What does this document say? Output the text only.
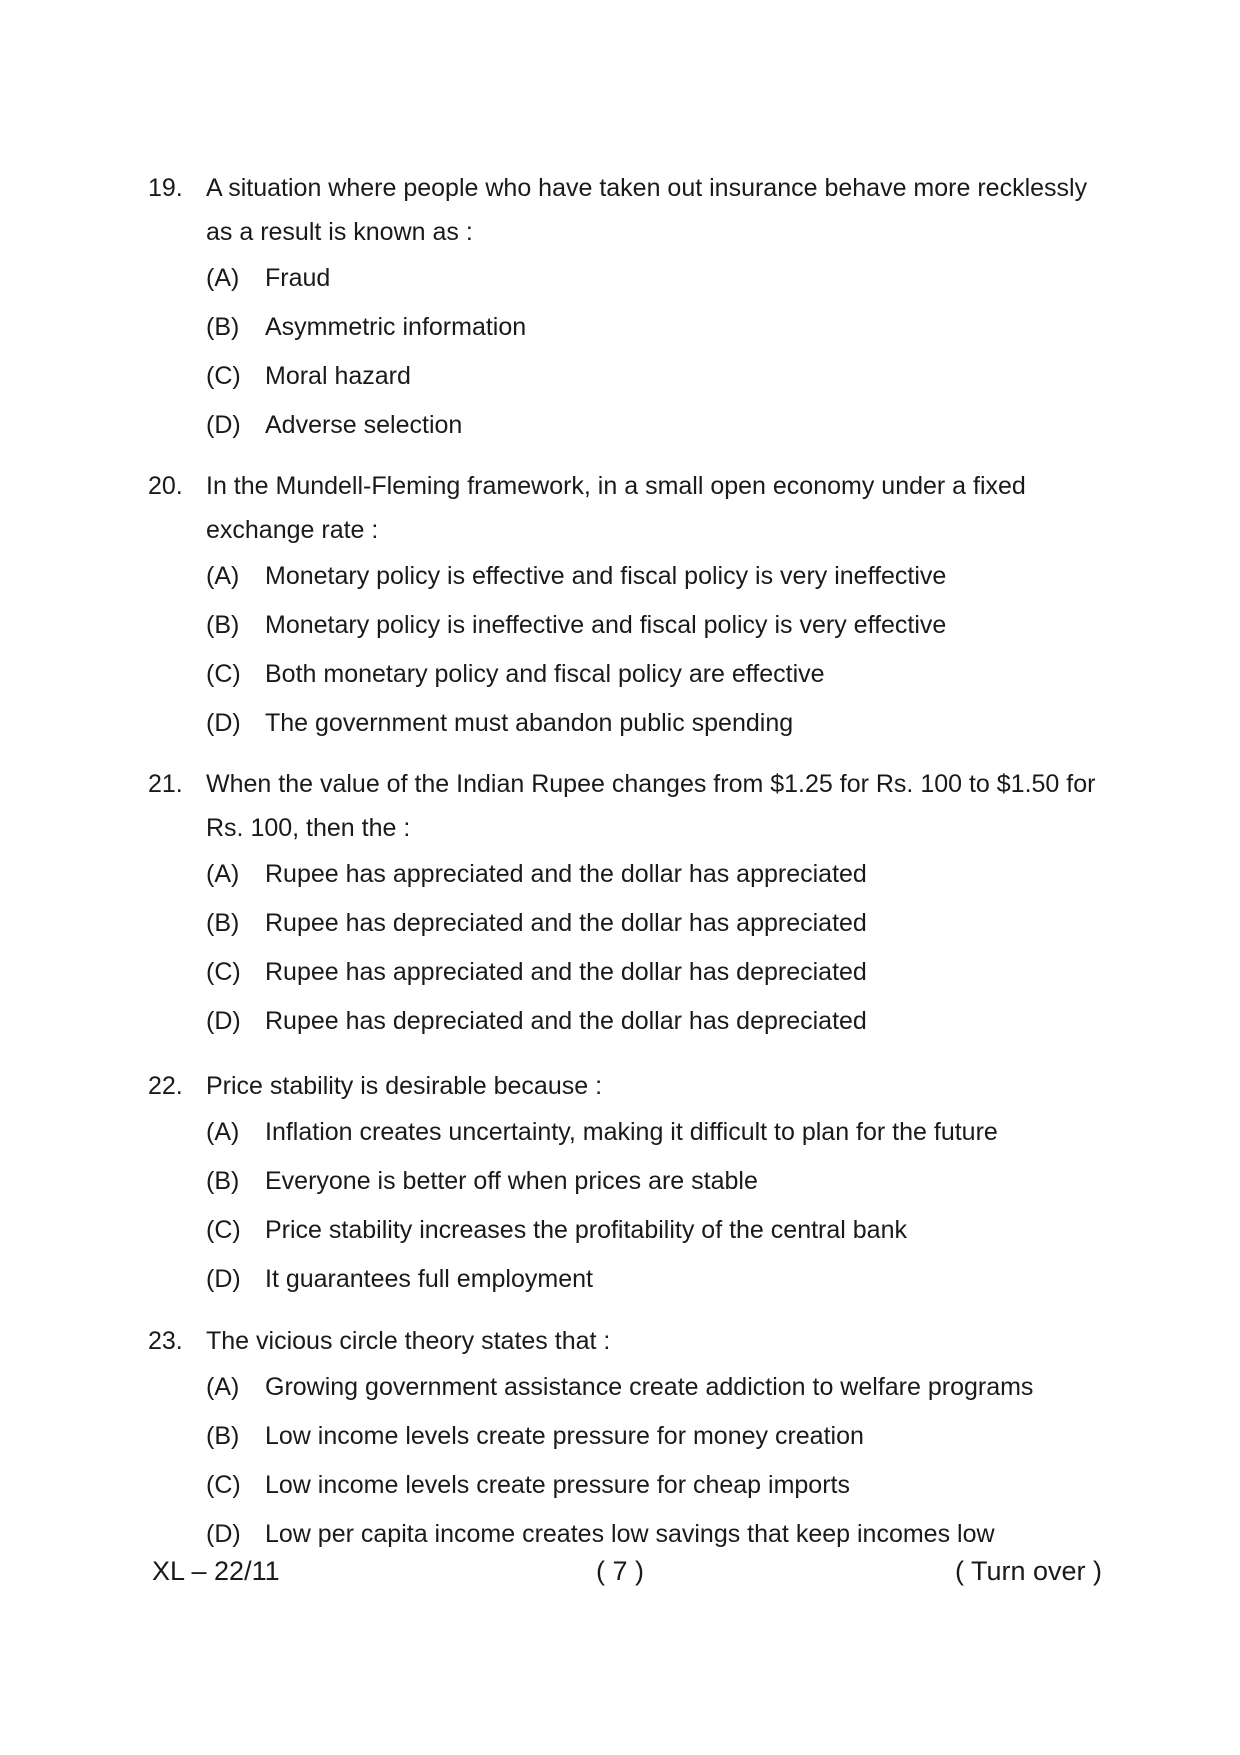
19. A situation where people who have taken out insurance behave more recklessly as a result is known as :
(A)	Fraud
(B)	Asymmetric information
(C) Moral hazard
(D) Adverse selection
20. In the Mundell-Fleming framework, in a small open economy under a fixed exchange rate :
(A)	Monetary policy is effective and fiscal policy is very ineffective
(B)	Monetary policy is ineffective and fiscal policy is very effective
(C) Both monetary policy and fiscal policy are effective
(D) The government must abandon public spending
21. When the value of the Indian Rupee changes from $1.25 for Rs. 100 to $1.50 for Rs. 100, then the :
(A)	Rupee has appreciated and the dollar has appreciated
(B)	Rupee has depreciated and the dollar has appreciated
(C) Rupee has appreciated and the dollar has depreciated
(D) Rupee has depreciated and the dollar has depreciated
22. Price stability is desirable because :
(A)	Inflation creates uncertainty, making it difficult to plan for the future
(B)	Everyone is better off when prices are stable
(C) Price stability increases the profitability of the central bank
(D) It guarantees full employment
23. The vicious circle theory states that :
(A)	Growing government assistance create addiction to welfare programs
(B)	Low income levels create pressure for money creation
(C) Low income levels create pressure for cheap imports
(D) Low per capita income creates low savings that keep incomes low
XL – 22/11	( 7 )	( Turn over )
